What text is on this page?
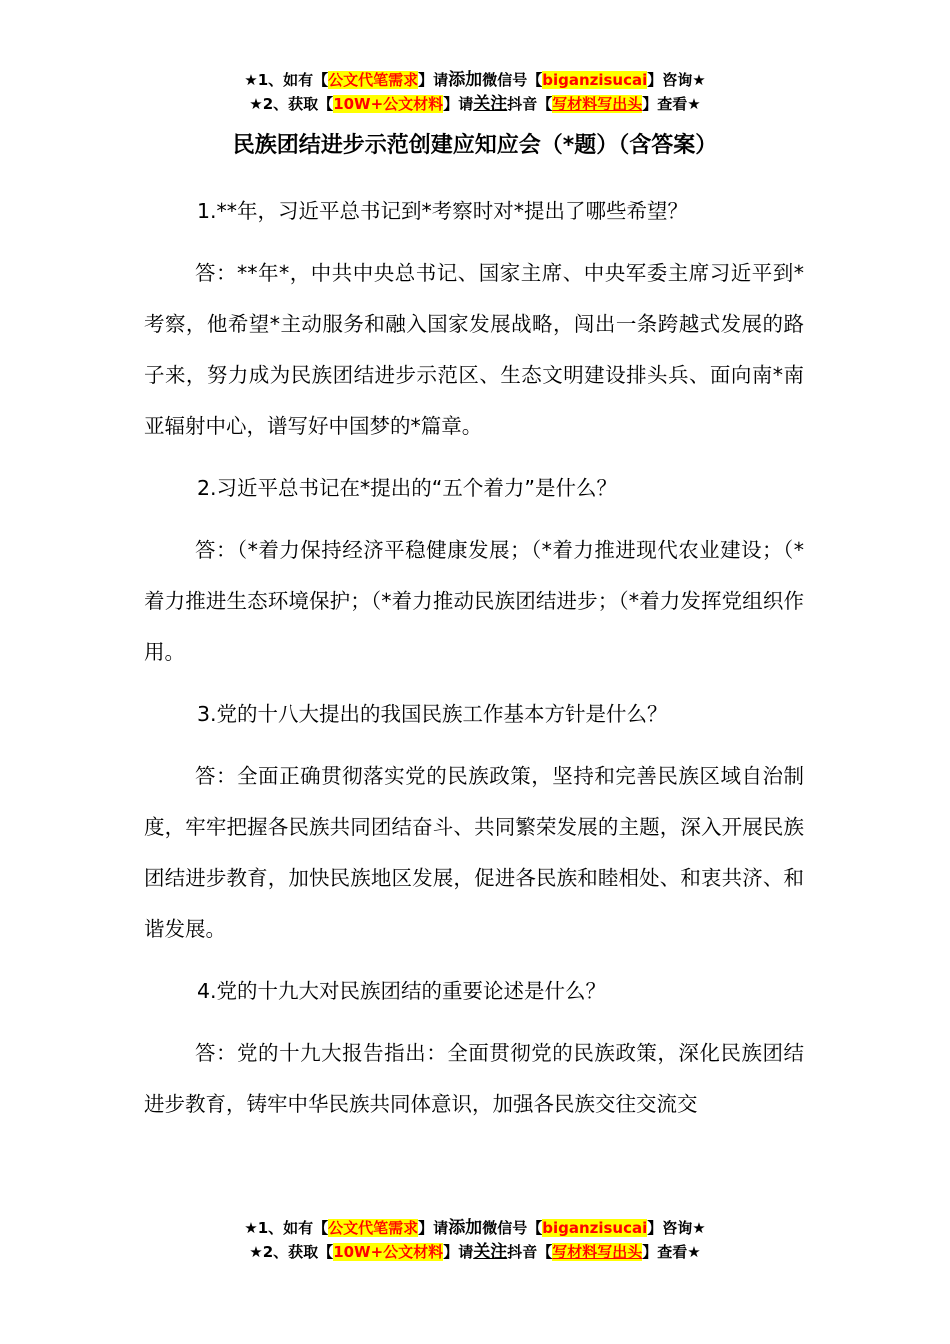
★1、如有【公文代笔需求】请添加微信号【biganzisucai】咨询★
★2、获取【10W+公文材料】请关注抖音【写材料写出头】查看★
民族团结进步示范创建应知应会（*题）（含答案）

1.**年，习近平总书记到*考察时对*提出了哪些希望？

答：**年*，中共中央总书记、国家主席、中央军委主席习近平到*考察，他希望*主动服务和融入国家发展战略，闯出一条跨越式发展的路子来，努力成为民族团结进步示范区、生态文明建设排头兵、面向南*南亚辐射中心，谱写好中国梦的*篇章。

2.习近平总书记在*提出的“五个着力”是什么？

答：（*着力保持经济平稳健康发展；（*着力推进现代农业建设；（*着力推进生态环境保护；（*着力推动民族团结进步；（*着力发挥党组织作用。

3.党的十八大提出的我国民族工作基本方针是什么？

答：全面正确贯彻落实党的民族政策，坚持和完善民族区域自治制度，牢牢把握各民族共同团结奋斗、共同繁荣发展的主题，深入开展民族团结进步教育，加快民族地区发展，促进各民族和睦相处、和衷共济、和谐发展。

4.党的十九大对民族团结的重要论述是什么？

答：党的十九大报告指出：全面贯彻党的民族政策，深化民族团结进步教育，铸牢中华民族共同体意识，加强各民族交往交流交

★1、如有【公文代笔需求】请添加微信号【biganzisucai】咨询★
★2、获取【10W+公文材料】请关注抖音【写材料写出头】查看★
